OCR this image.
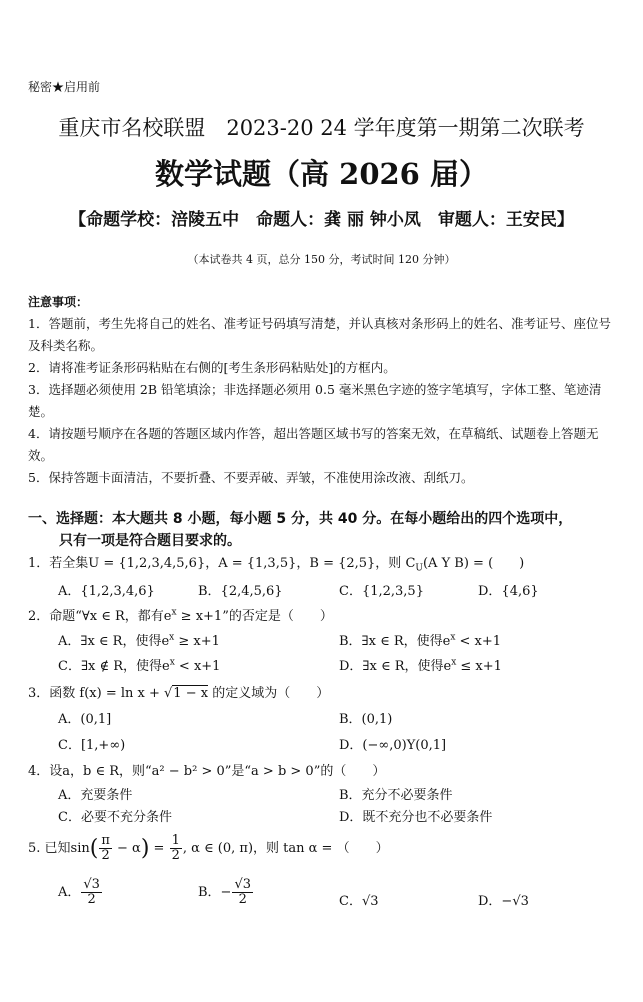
秘密★启用前
重庆市名校联盟　2023-20 24 学年度第一期第二次联考
数学试题（高 2026 届）
【命题学校：涪陵五中　命题人：龚 丽 钟小凤　审题人：王安民】
（本试卷共 4 页，总分 150 分，考试时间 120 分钟）
注意事项：

1．答题前，考生先将自己的姓名、准考证号码填写清楚，并认真核对条形码上的姓名、准考证号、座位号及科类名称。

2．请将准考证条形码粘贴在右侧的[考生条形码粘贴处]的方框内。

3．选择题必须使用 2B 铅笔填涂；非选择题必须用 0.5 毫米黑色字迹的签字笔填写，字体工整、笔迹清楚。

4．请按题号顺序在各题的答题区域内作答，超出答题区域书写的答案无效，在草稿纸、试题卷上答题无效。

5．保持答题卡面清洁，不要折叠、不要弄破、弄皱，不准使用涂改液、刮纸刀。

一、选择题：本大题共 8 小题，每小题 5 分，共 40 分。在每小题给出的四个选项中，
只有一项是符合题目要求的。
1．若全集U = {1,2,3,4,5,6}，A = {1,3,5}，B = {2,5}，则 $C_U(A$ Y B) = (　　)
A．{1,2,3,4,6}	B．{2,4,5,6}	C．{1,2,3,5}	D．{4,6}
2．命题“∀x ∈ R，都有$e^x \ge x+1$”的否定是（　　）
A．∃x ∈ R，使得$e^x \ge x+1$	B．∃x ∈ R，使得$e^x < x+1$
C．∃x ∉ R，使得$e^x < x+1$	D．∃x ∈ R，使得$e^x \le x+1$
3．函数 f(x) = ln x + √1 − x 的定义域为（　　）
A．(0,1]	B．(0,1)
C．[1,+∞)	D．(−∞,0)Y(0,1]
4．设a，b ∈ R，则“a² − b² > 0”是“a > b > 0”的（　　）
A．充要条件	B．充分不必要条件
C．必要不充分条件	D．既不充分也不必要条件
5. 已知$\sin( \frac{\pi}{2} - \alpha) = \frac{1}{2}$ , α ∈ (0, π)，则 tan α = （　　）
A． $\frac{√3}{2}$	B．− $\frac{√3}{2}$	C．√3	D．−√3
